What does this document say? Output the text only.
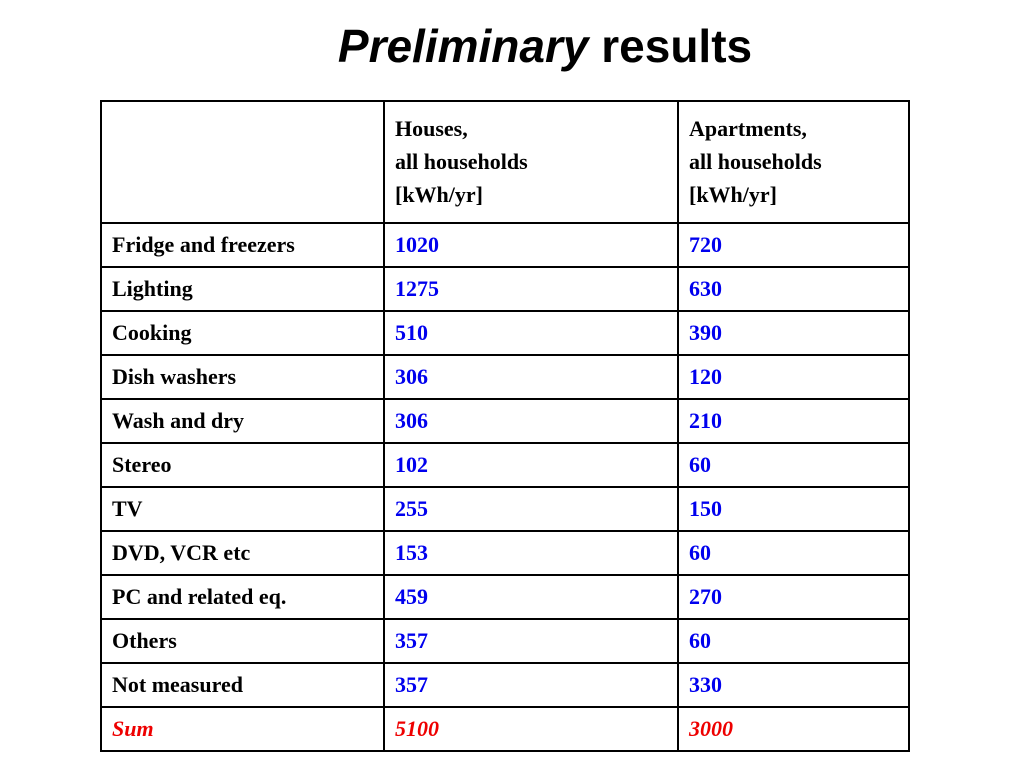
Preliminary results

	Houses,
all households
[kWh/yr]	Apartments,
all households
[kWh/yr]

Fridge and freezers	1020	720
Lighting	1275	630
Cooking	510	390
Dish washers	306	120
Wash and dry	306	210
Stereo	102	60
TV	255	150
DVD, VCR etc	153	60
PC and related eq.	459	270
Others	357	60
Not measured	357	330
Sum	5100	3000
